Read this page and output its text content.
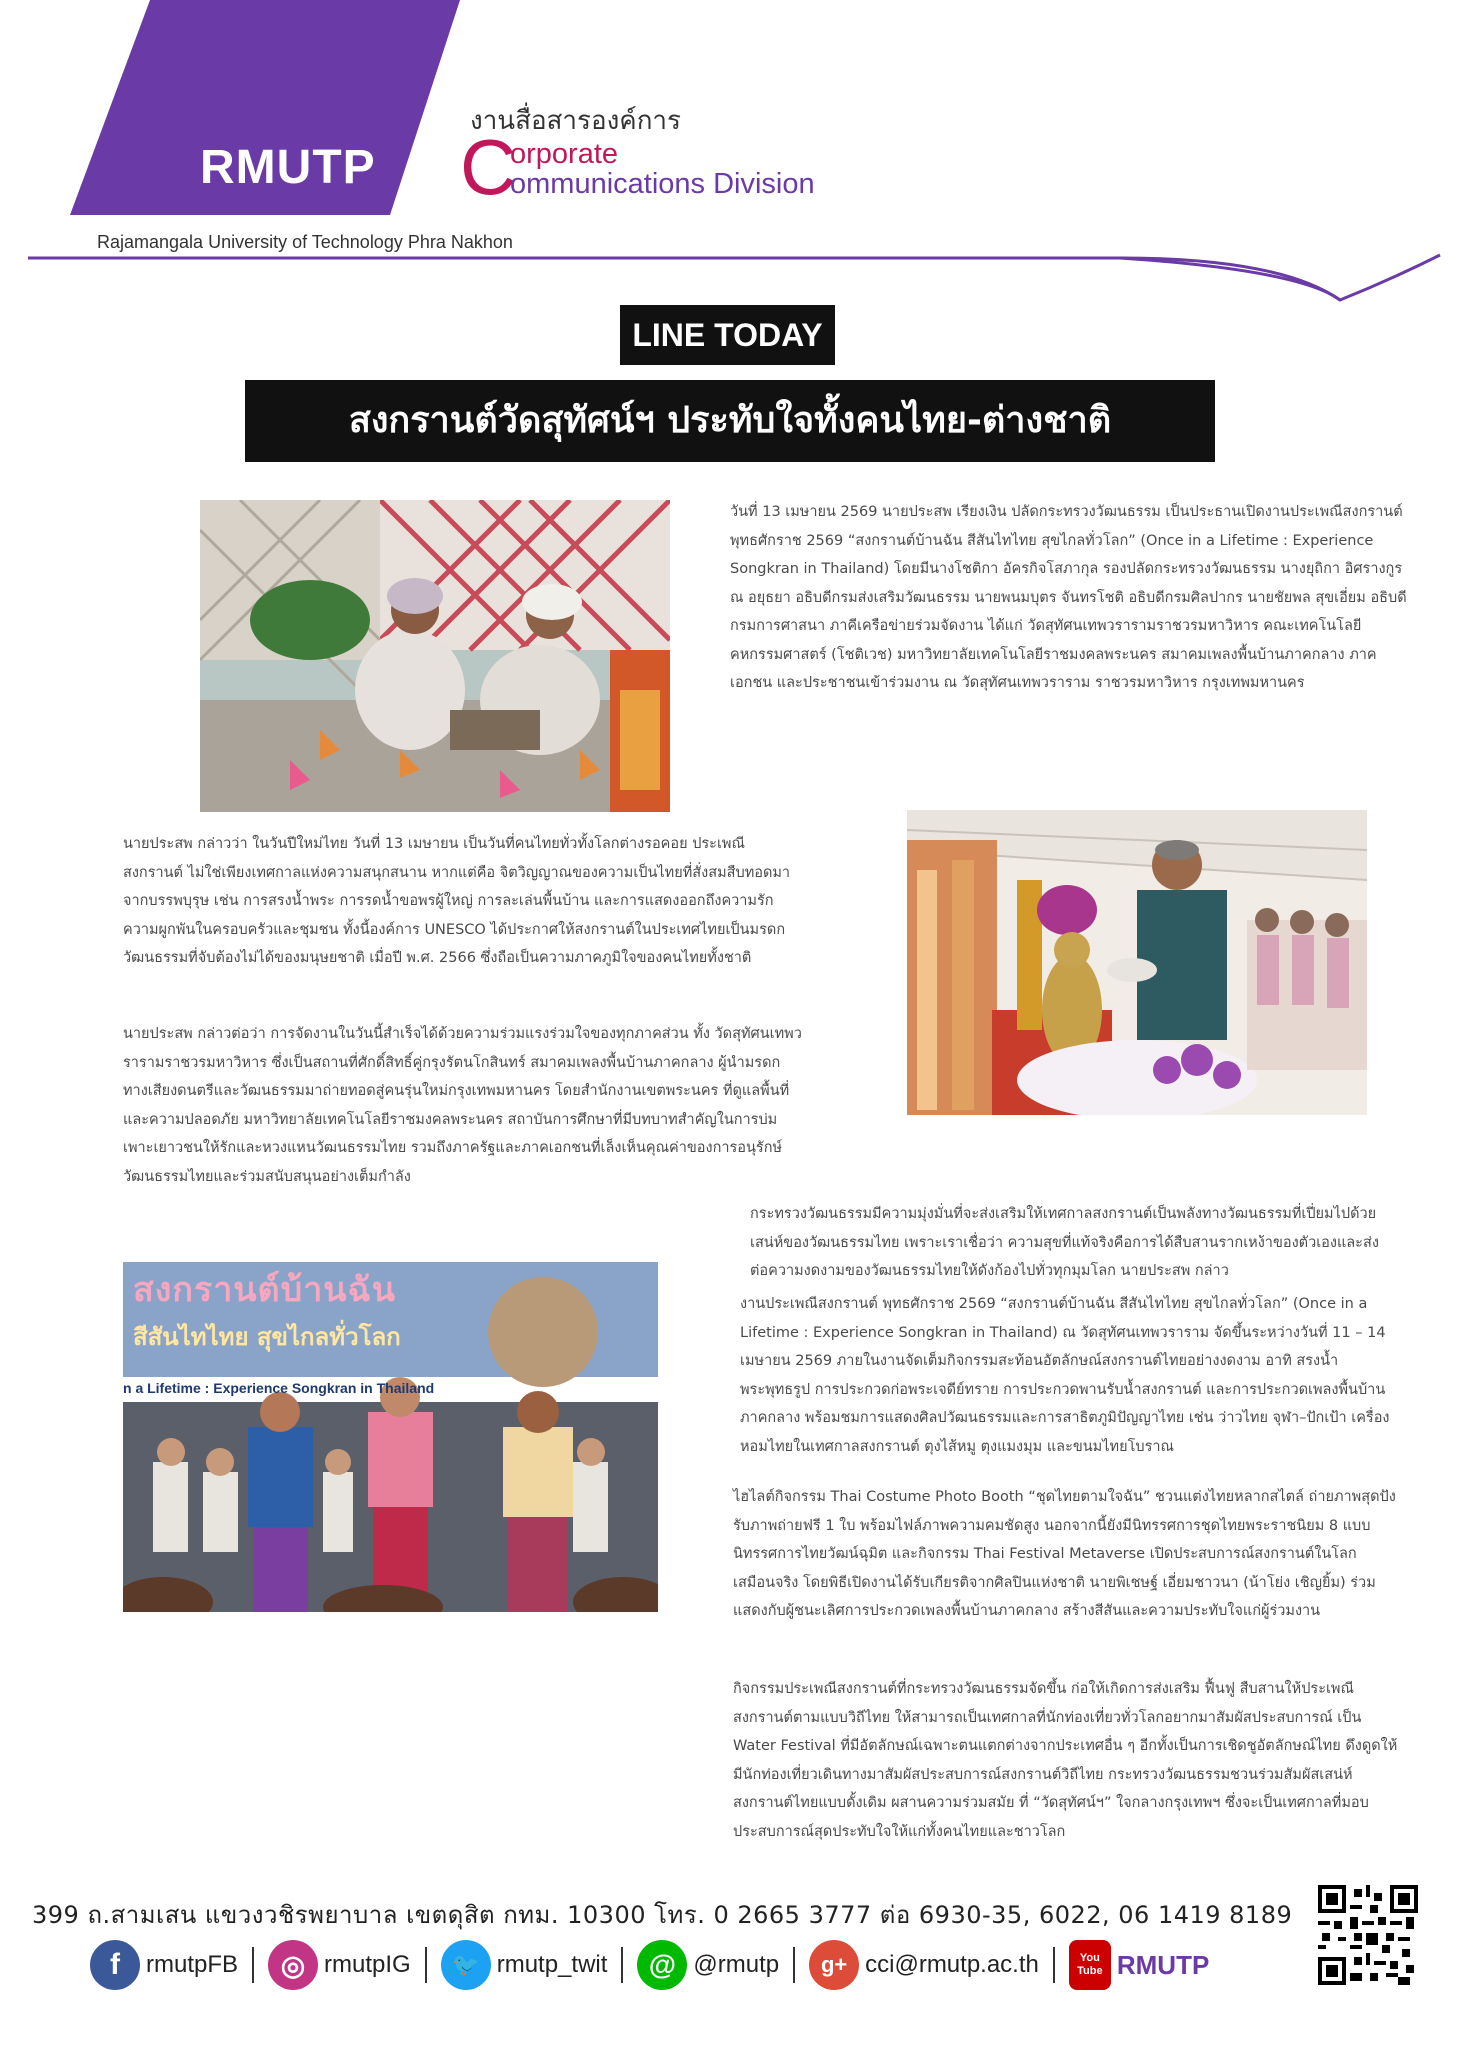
RMUTP
งานสื่อสารองค์การ
C
orporate
ommunications Division
Rajamangala University of Technology Phra Nakhon
LINE TODAY
สงกรานต์วัดสุทัศน์ฯ ประทับใจทั้งคนไทย-ต่างชาติ
สงกรานต์บ้านฉัน
สีสันไทไทย สุขไกลทั่วโลก
n a Lifetime : Experience Songkran in Thailand

วันที่ 13 เมษายน 2569 นายประสพ เรียงเงิน ปลัดกระทรวงวัฒนธรรม เป็นประธานเปิดงานประเพณีสงกรานต์ พุทธศักราช 2569 “สงกรานต์บ้านฉัน สีสันไทไทย สุขไกลทั่วโลก” (Once in a Lifetime : Experience Songkran in Thailand) โดยมีนางโชติกา อัครกิจโสภากุล รองปลัดกระทรวงวัฒนธรรม นางยุถิกา อิศรางกูร ณ อยุธยา อธิบดีกรมส่งเสริมวัฒนธรรม นายพนมบุตร จันทรโชติ อธิบดีกรมศิลปากร นายชัยพล สุขเอี่ยม อธิบดีกรมการศาสนา ภาคีเครือข่ายร่วมจัดงาน ได้แก่ วัดสุทัศนเทพวรารามราชวรมหาวิหาร คณะเทคโนโลยีคหกรรมศาสตร์ (โชติเวช) มหาวิทยาลัยเทคโนโลยีราชมงคลพระนคร สมาคมเพลงพื้นบ้านภาคกลาง ภาคเอกชน และประชาชนเข้าร่วมงาน ณ วัดสุทัศนเทพวราราม ราชวรมหาวิหาร กรุงเทพมหานคร

นายประสพ กล่าวว่า ในวันปีใหม่ไทย วันที่ 13 เมษายน เป็นวันที่คนไทยทั่วทั้งโลกต่างรอคอย ประเพณีสงกรานต์ ไม่ใช่เพียงเทศกาลแห่งความสนุกสนาน หากแต่คือ จิตวิญญาณของความเป็นไทยที่สั่งสมสืบทอดมาจากบรรพบุรุษ เช่น การสรงน้ำพระ การรดน้ำขอพรผู้ใหญ่ การละเล่นพื้นบ้าน และการแสดงออกถึงความรักความผูกพันในครอบครัวและชุมชน ทั้งนี้องค์การ UNESCO ได้ประกาศให้สงกรานต์ในประเทศไทยเป็นมรดกวัฒนธรรมที่จับต้องไม่ได้ของมนุษยชาติ เมื่อปี พ.ศ. 2566 ซึ่งถือเป็นความภาคภูมิใจของคนไทยทั้งชาติ

นายประสพ กล่าวต่อว่า การจัดงานในวันนี้สำเร็จได้ด้วยความร่วมแรงร่วมใจของทุกภาคส่วน ทั้ง วัดสุทัศนเทพวรารามราชวรมหาวิหาร ซึ่งเป็นสถานที่ศักดิ์สิทธิ์คู่กรุงรัตนโกสินทร์ สมาคมเพลงพื้นบ้านภาคกลาง ผู้นำมรดกทางเสียงดนตรีและวัฒนธรรมมาถ่ายทอดสู่คนรุ่นใหม่กรุงเทพมหานคร โดยสำนักงานเขตพระนคร ที่ดูแลพื้นที่และความปลอดภัย มหาวิทยาลัยเทคโนโลยีราชมงคลพระนคร สถาบันการศึกษาที่มีบทบาทสำคัญในการบ่มเพาะเยาวชนให้รักและหวงแหนวัฒนธรรมไทย รวมถึงภาครัฐและภาคเอกชนที่เล็งเห็นคุณค่าของการอนุรักษ์วัฒนธรรมไทยและร่วมสนับสนุนอย่างเต็มกำลัง

กระทรวงวัฒนธรรมมีความมุ่งมั่นที่จะส่งเสริมให้เทศกาลสงกรานต์เป็นพลังทางวัฒนธรรมที่เปี่ยมไปด้วยเสน่ห์ของวัฒนธรรมไทย เพราะเราเชื่อว่า ความสุขที่แท้จริงคือการได้สืบสานรากเหง้าของตัวเองและส่งต่อความงดงามของวัฒนธรรมไทยให้ดังก้องไปทั่วทุกมุมโลก นายประสพ กล่าว

งานประเพณีสงกรานต์ พุทธศักราช 2569 “สงกรานต์บ้านฉัน สีสันไทไทย สุขไกลทั่วโลก” (Once in a Lifetime : Experience Songkran in Thailand) ณ วัดสุทัศนเทพวราราม จัดขึ้นระหว่างวันที่ 11 – 14 เมษายน 2569 ภายในงานจัดเต็มกิจกรรมสะท้อนอัตลักษณ์สงกรานต์ไทยอย่างงดงาม อาทิ สรงน้ำพระพุทธรูป การประกวดก่อพระเจดีย์ทราย การประกวดพานรับน้ำสงกรานต์ และการประกวดเพลงพื้นบ้านภาคกลาง พร้อมชมการแสดงศิลปวัฒนธรรมและการสาธิตภูมิปัญญาไทย เช่น ว่าวไทย จุฬา–ปักเป้า เครื่องหอมไทยในเทศกาลสงกรานต์ ตุงไส้หมู ตุงแมงมุม และขนมไทยโบราณ

ไฮไลต์กิจกรรม Thai Costume Photo Booth “ชุดไทยตามใจฉัน” ชวนแต่งไทยหลากสไตล์ ถ่ายภาพสุดปัง รับภาพถ่ายฟรี 1 ใบ พร้อมไฟล์ภาพความคมชัดสูง นอกจากนี้ยังมีนิทรรศการชุดไทยพระราชนิยม 8 แบบ นิทรรศการไทยวัฒน์ฉุมิต และกิจกรรม Thai Festival Metaverse เปิดประสบการณ์สงกรานต์ในโลกเสมือนจริง โดยพิธีเปิดงานได้รับเกียรติจากศิลปินแห่งชาติ นายพิเชษฐ์ เอี่ยมชาวนา (น้าโย่ง เชิญยิ้ม) ร่วมแสดงกับผู้ชนะเลิศการประกวดเพลงพื้นบ้านภาคกลาง สร้างสีสันและความประทับใจแก่ผู้ร่วมงาน

กิจกรรมประเพณีสงกรานต์ที่กระทรวงวัฒนธรรมจัดขึ้น ก่อให้เกิดการส่งเสริม ฟื้นฟู สืบสานให้ประเพณีสงกรานต์ตามแบบวิถีไทย ให้สามารถเป็นเทศกาลที่นักท่องเที่ยวทั่วโลกอยากมาสัมผัสประสบการณ์ เป็น Water Festival ที่มีอัตลักษณ์เฉพาะตนแตกต่างจากประเทศอื่น ๆ อีกทั้งเป็นการเชิดชูอัตลักษณ์ไทย ดึงดูดให้มีนักท่องเที่ยวเดินทางมาสัมผัสประสบการณ์สงกรานต์วิถีไทย กระทรวงวัฒนธรรมชวนร่วมสัมผัสเสน่ห์สงกรานต์ไทยแบบดั้งเดิม ผสานความร่วมสมัย ที่ “วัดสุทัศน์ฯ” ใจกลางกรุงเทพฯ ซึ่งจะเป็นเทศกาลที่มอบประสบการณ์สุดประทับใจให้แก่ทั้งคนไทยและชาวโลก

399 ถ.สามเสน แขวงวชิรพยาบาล เขตดุสิต กทม. 10300 โทร. 0 2665 3777 ต่อ 6930-35, 6022, 06 1419 8189
f	rmutpFB	◎ rmutpIG	🐦 rmutp_twit	@ @rmutp	g+ cci@rmutp.ac.th	You Tube RMUTP
